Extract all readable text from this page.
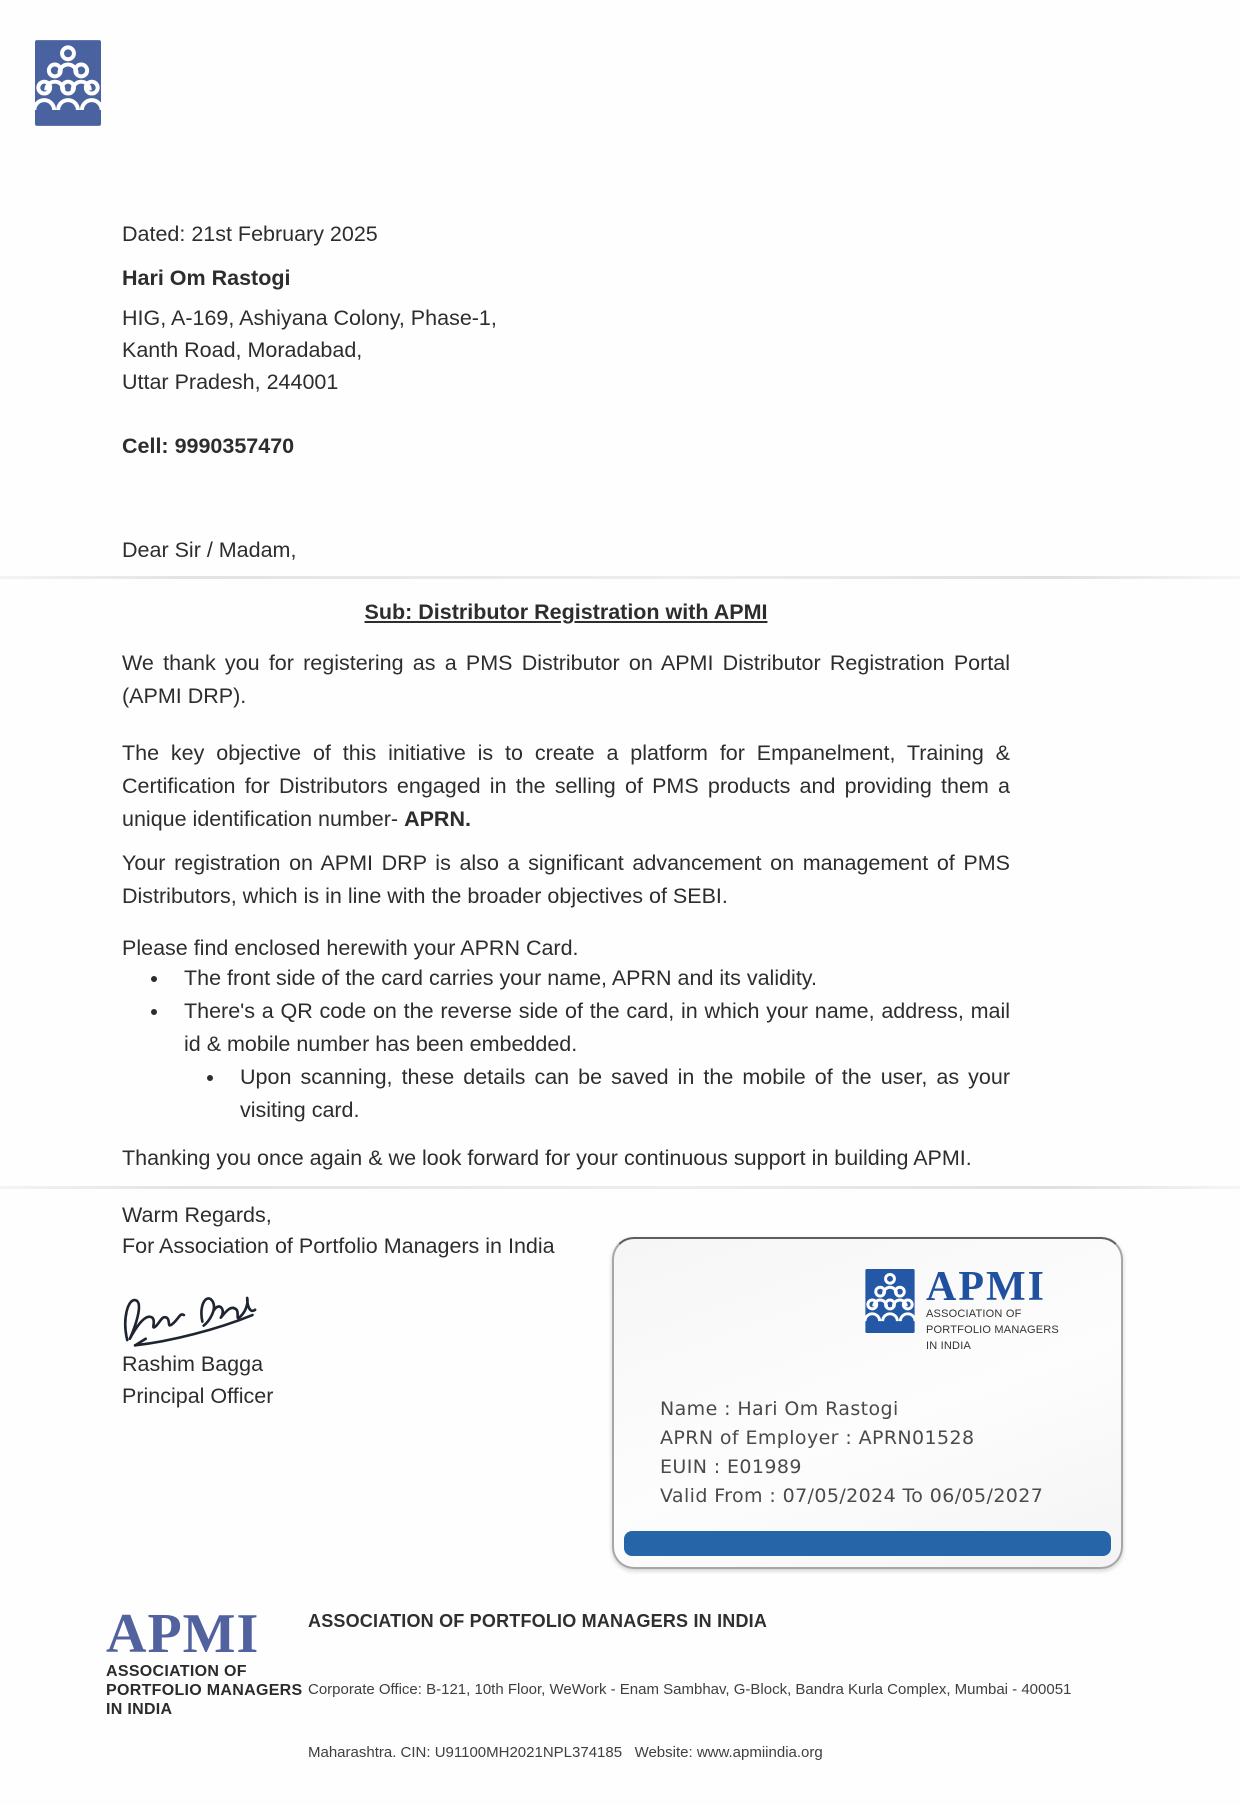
Dated: 21st February 2025
Hari Om Rastogi
HIG, A-169, Ashiyana Colony, Phase-1,
Kanth Road, Moradabad,
Uttar Pradesh, 244001
Cell: 9990357470
Dear Sir / Madam,
Sub: Distributor Registration with APMI

We thank you for registering as a PMS Distributor on APMI Distributor Registration Portal (APMI DRP).

The key objective of this initiative is to create a platform for Empanelment, Training & Certification for Distributors engaged in the selling of PMS products and providing them a unique identification number- APRN.

Your registration on APMI DRP is also a significant advancement on management of PMS Distributors, which is in line with the broader objectives of SEBI.

Please find enclosed herewith your APRN Card.
• The front side of the card carries your name, APRN and its validity.
• There's a QR code on the reverse side of the card, in which your name, address, mail id & mobile number has been embedded.
• Upon scanning, these details can be saved in the mobile of the user, as your visiting card.
Thanking you once again & we look forward for your continuous support in building APMI.
Warm Regards,
For Association of Portfolio Managers in India
Rashim Bagga
Principal Officer
APMI
ASSOCIATION OF
PORTFOLIO MANAGERS
IN INDIA
Name : Hari Om Rastogi
APRN of Employer : APRN01528
EUIN : E01989
Valid From : 07/05/2024 To 06/05/2027
APMI
ASSOCIATION OF
PORTFOLIO MANAGERS
IN INDIA
ASSOCIATION OF PORTFOLIO MANAGERS IN INDIA

Corporate Office: B-121, 10th Floor, WeWork - Enam Sambhav, G-Block, Bandra Kurla Complex, Mumbai - 400051

Maharashtra. CIN: U91100MH2021NPL374185   Website: www.apmiindia.org
